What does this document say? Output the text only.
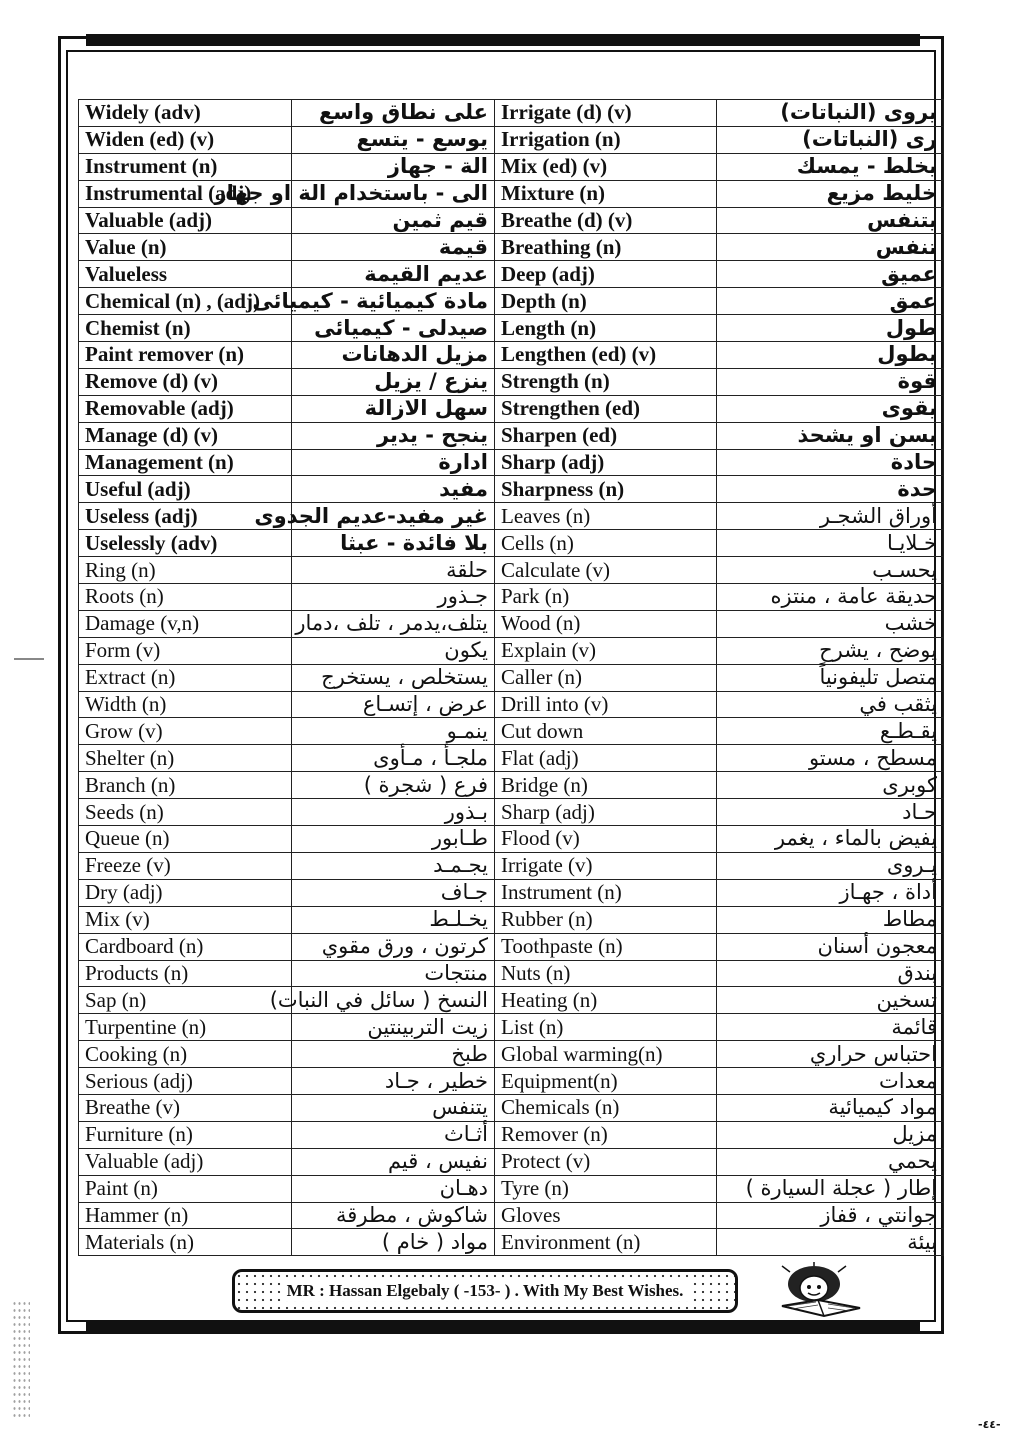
Widely (adv)	على نطاق واسع	Irrigate (d) (v)	يروى (النباتات)
Widen (ed) (v)	يوسع - يتسع	Irrigation (n)	رى (النباتات)
Instrument (n)	الة - جهاز	Mix (ed) (v)	يخلط - يمسك
Instrumental (adj)	الى - باستخدام الة او جهاز	Mixture (n)	خليط مزيع
Valuable (adj)	قيم ثمين	Breathe (d) (v)	يتنفس
Value (n)	قيمة	Breathing (n)	تنفس
Valueless	عديم القيمة	Deep (adj)	عميق
Chemical (n) , (adj)	مادة كيميائية - كيميائى	Depth (n)	عمق
Chemist (n)	صيدلى - كيميائى	Length (n)	طول
Paint remover (n)	مزيل الدهانات	Lengthen (ed) (v)	يطول
Remove (d) (v)	ينزع / يزيل	Strength (n)	قوة
Removable (adj)	سهل الازالة	Strengthen (ed)	يقوى
Manage (d) (v)	ينجح - يدير	Sharpen (ed)	يسن او يشحذ
Management (n)	ادارة	Sharp (adj)	حادة
Useful (adj)	مفيد	Sharpness (n)	حدة
Useless (adj)	غير مفيد-عديم الجدوى	Leaves (n)	أوراق الشجـر
Uselessly (adv)	بلا فائدة - عبثا	Cells (n)	خـلايـا
Ring (n)	حلقة	Calculate (v)	يحسـب
Roots (n)	جـذور	Park (n)	حديقة عامة ، منتزه
Damage (v,n)	يتلف،يدمر ، تلف ،دمار	Wood (n)	خشب
Form (v)	يكون	Explain (v)	يوضح ، يشرح
Extract (n)	يستخلص ، يستخرج	Caller (n)	متصل تليفونياً
Width (n)	عرض ، إتسـاع	Drill into (v)	يثقب في
Grow (v)	ينمـو	Cut down	يقـطـع
Shelter (n)	ملجـأ ، مـأوى	Flat (adj)	مسطح ، مستو
Branch (n)	فرع ( شجرة )	Bridge (n)	كوبرى
Seeds (n)	بـذور	Sharp (adj)	حـاد
Queue (n)	طـابور	Flood (v)	يفيض بالماء ، يغمر
Freeze (v)	يجـمـد	Irrigate (v)	يـروى
Dry (adj)	جـاف	Instrument (n)	أداة ، جهـاز
Mix (v)	يخـلـط	Rubber (n)	مطاط
Cardboard (n)	كرتون ، ورق مقوي	Toothpaste (n)	معجون أسنان
Products (n)	منتجات	Nuts (n)	بندق
Sap (n)	النسخ ( سائل في النبات)	Heating (n)	تسخين
Turpentine (n)	زيت التربينتين	List (n)	قائمة
Cooking (n)	طبخ	Global warming(n)	احتباس حراري
Serious (adj)	خطير ، جـاد	Equipment(n)	معدات
Breathe (v)	يتنفس	Chemicals (n)	مواد كيميائية
Furniture (n)	أثـاث	Remover (n)	مزيل
Valuable (adj)	نفيس ، قيم	Protect (v)	يحمي
Paint (n)	دهـان	Tyre (n)	إطار ( عجلة السيارة )
Hammer (n)	شاكوش ، مطرقة	Gloves	جوانتي ، قفاز
Materials (n)	مواد ( خام )	Environment (n)	بيئة
MR : Hassan Elgebaly ( -153- ) . With My Best Wishes.
-٤٤-
